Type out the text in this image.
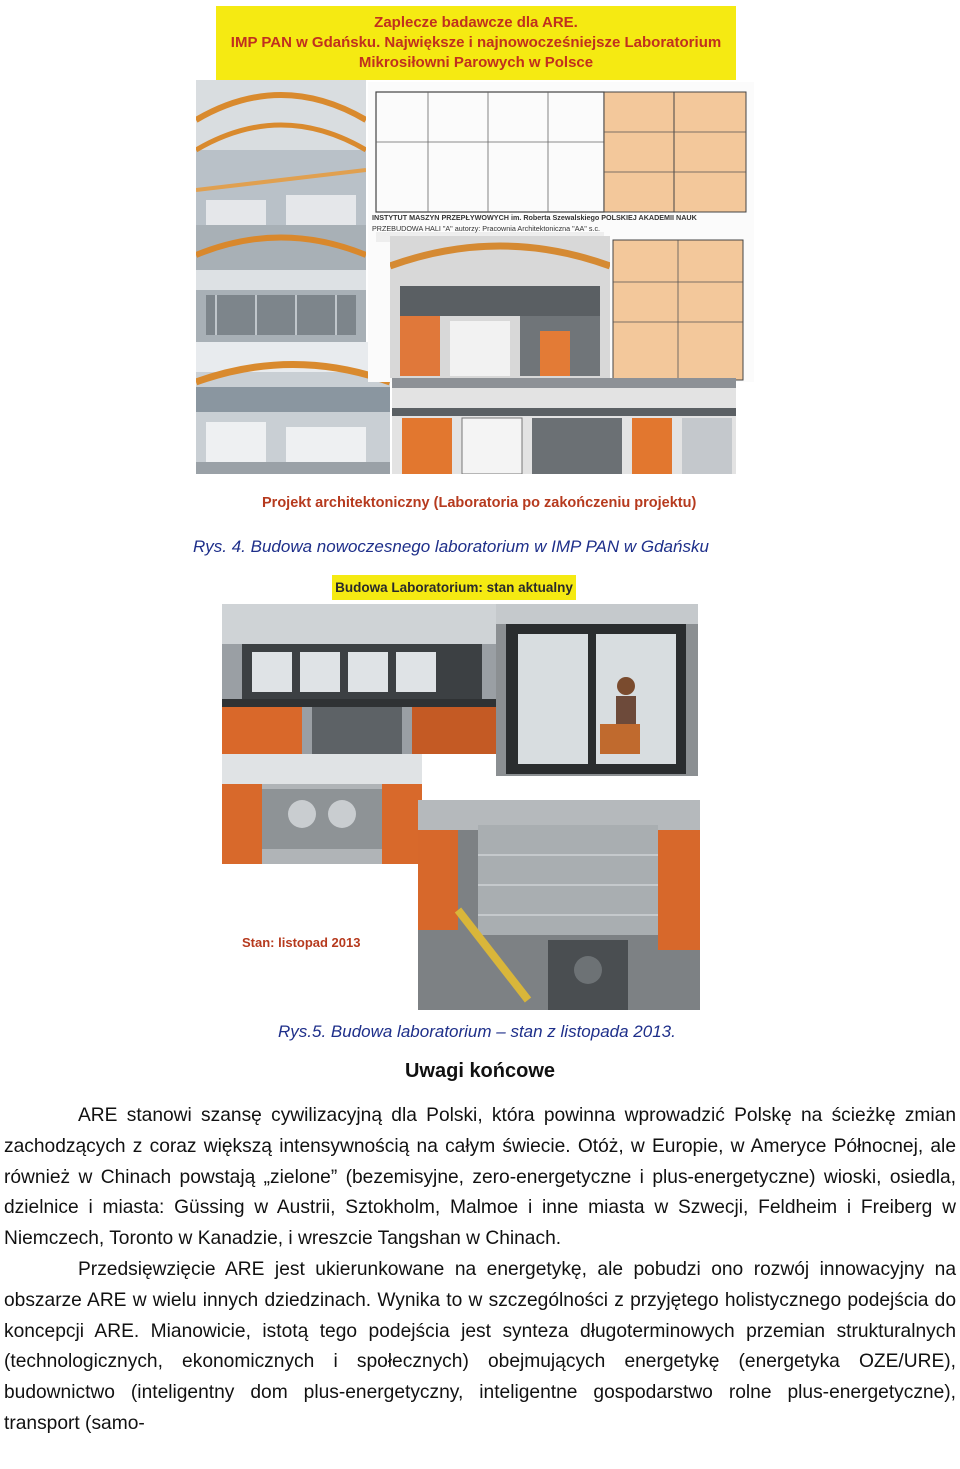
Zaplecze badawcze dla ARE.
IMP PAN w Gdańsku. Największe i najnowocześniejsze Laboratorium
Mikrosiłowni Parowych w Polsce
INSTYTUT MASZYN PRZEPŁYWOWYCH im. Roberta Szewalskiego POLSKIEJ AKADEMII NAUK
PRZEBUDOWA HALI "A" autorzy: Pracownia Architektoniczna "AA" s.c.
Projekt architektoniczny (Laboratoria po zakończeniu projektu)
Rys. 4. Budowa nowoczesnego laboratorium w IMP PAN w Gdańsku
Budowa Laboratorium: stan aktualny
Stan: listopad 2013
Rys.5. Budowa laboratorium – stan z listopada 2013.
Uwagi końcowe

ARE stanowi szansę cywilizacyjną dla Polski, która powinna wprowadzić Polskę na ścieżkę zmian zachodzących z coraz większą intensywnością na całym świecie. Otóż, w Europie, w Ameryce Północnej, ale również w Chinach powstają „zielone” (bezemisyjne, zero-energetyczne i plus-energetyczne) wioski, osiedla, dzielnice i miasta: Güssing w Austrii, Sztokholm, Malmoe i inne miasta w Szwecji, Feldheim i Freiberg w Niemczech, Toronto w Kanadzie, i wreszcie Tangshan w Chinach.

Przedsięwzięcie ARE jest ukierunkowane na energetykę, ale pobudzi ono rozwój innowacyjny na obszarze ARE w wielu innych dziedzinach. Wynika to w szczególności z przyjętego holistycznego podejścia do koncepcji ARE. Mianowicie, istotą tego podejścia jest synteza długoterminowych przemian strukturalnych (technologicznych, ekonomicznych i społecznych) obejmujących energetykę (energetyka OZE/URE), budownictwo (inteligentny dom plus-energetyczny, inteligentne gospodarstwo rolne plus-energetyczne), transport (samo-
